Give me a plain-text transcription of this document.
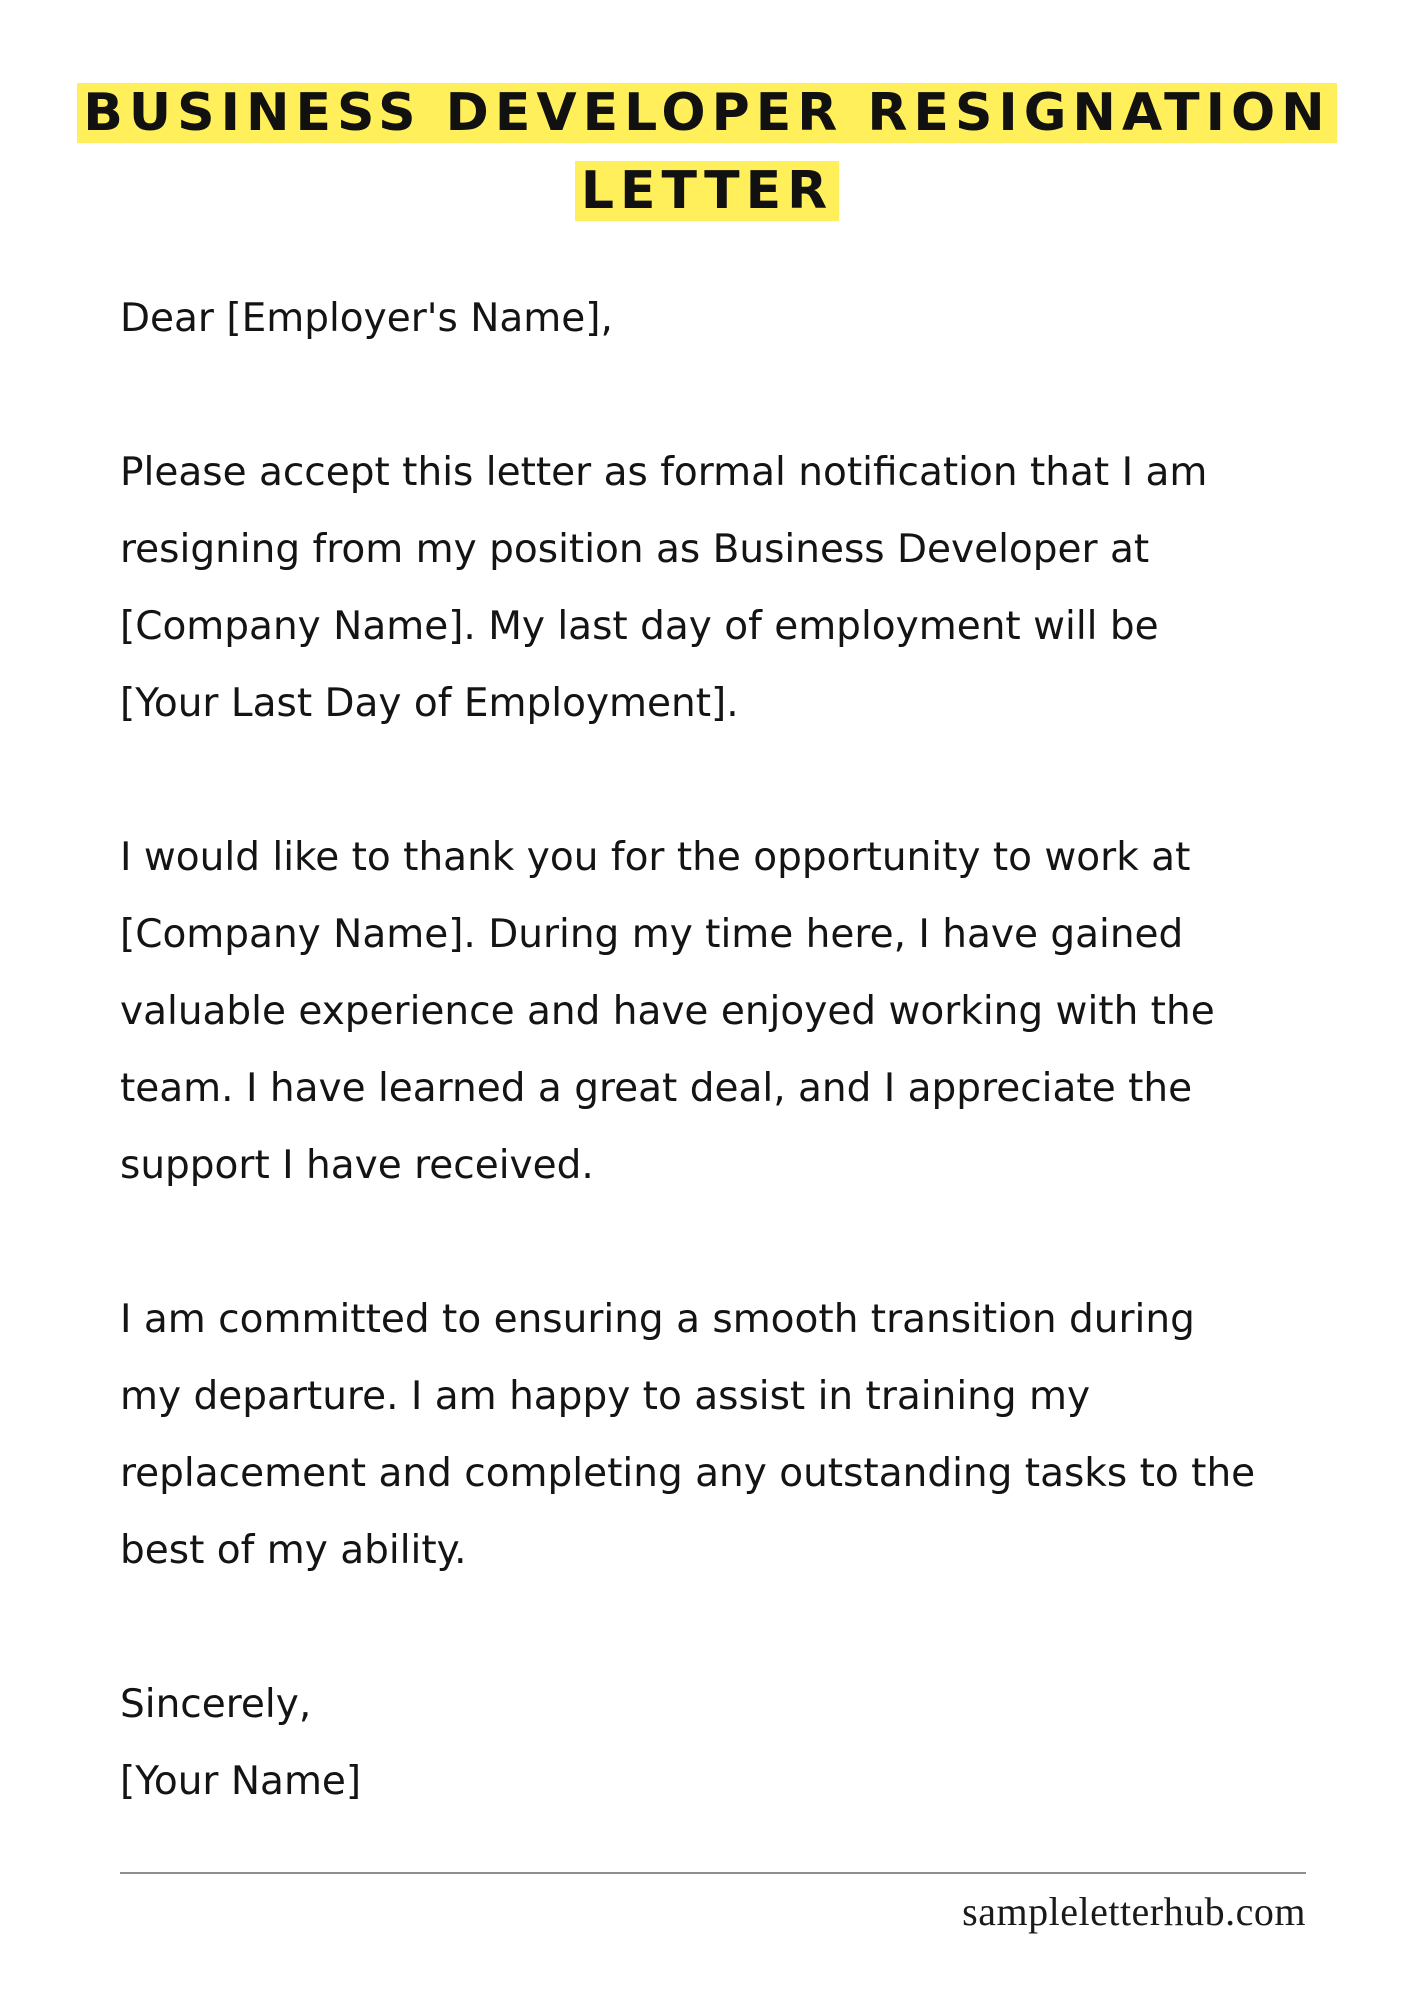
BUSINESS DEVELOPER RESIGNATION
LETTER

Dear [Employer's Name],

Please accept this letter as formal notification that I am
resigning from my position as Business Developer at
[Company Name]. My last day of employment will be
[Your Last Day of Employment].

I would like to thank you for the opportunity to work at
[Company Name]. During my time here, I have gained
valuable experience and have enjoyed working with the
team. I have learned a great deal, and I appreciate the
support I have received.

I am committed to ensuring a smooth transition during
my departure. I am happy to assist in training my
replacement and completing any outstanding tasks to the
best of my ability.

Sincerely,
[Your Name]

sampleletterhub.com
